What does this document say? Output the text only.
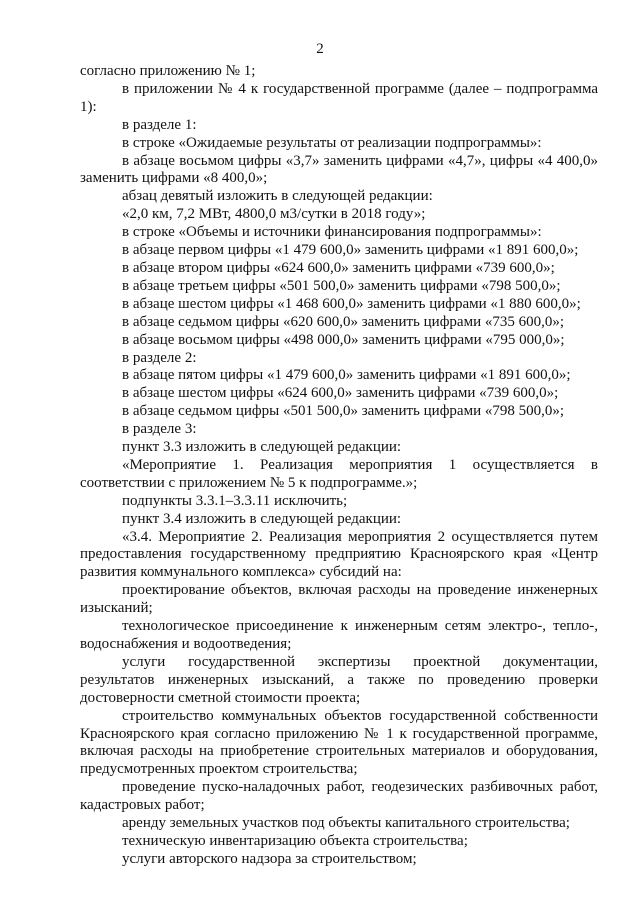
2

согласно приложению № 1;

в приложении № 4 к государственной программе (далее – подпрограмма 1):

в разделе 1:

в строке «Ожидаемые результаты от реализации подпрограммы»:

в абзаце восьмом цифры «3,7» заменить цифрами «4,7», цифры «4 400,0» заменить цифрами «8 400,0»;

абзац девятый изложить в следующей редакции:

«2,0 км, 7,2 МВт, 4800,0 м3/сутки в 2018 году»;

в строке «Объемы и источники финансирования подпрограммы»:

в абзаце первом цифры «1 479 600,0» заменить цифрами «1 891 600,0»;

в абзаце втором цифры «624 600,0» заменить цифрами «739 600,0»;

в абзаце третьем цифры «501 500,0» заменить цифрами «798 500,0»;

в абзаце шестом цифры «1 468 600,0» заменить цифрами «1 880 600,0»;

в абзаце седьмом цифры «620 600,0» заменить цифрами «735 600,0»;

в абзаце восьмом цифры «498 000,0» заменить цифрами «795 000,0»;

в разделе 2:

в абзаце пятом цифры «1 479 600,0» заменить цифрами «1 891 600,0»;

в абзаце шестом цифры «624 600,0» заменить цифрами «739 600,0»;

в абзаце седьмом цифры «501 500,0» заменить цифрами «798 500,0»;

в разделе 3:

пункт 3.3 изложить в следующей редакции:

«Мероприятие 1. Реализация мероприятия 1 осуществляется в соответствии с приложением № 5 к подпрограмме.»;

подпункты 3.3.1–3.3.11 исключить;

пункт 3.4 изложить в следующей редакции:

«3.4. Мероприятие 2. Реализация мероприятия 2 осуществляется путем предоставления государственному предприятию Красноярского края «Центр развития коммунального комплекса» субсидий на:

проектирование объектов, включая расходы на проведение инженерных изысканий;

технологическое присоединение к инженерным сетям электро-, тепло-, водоснабжения и водоотведения;

услуги государственной экспертизы проектной документации, результатов инженерных изысканий, а также по проведению проверки достоверности сметной стоимости проекта;

строительство коммунальных объектов государственной собственности Красноярского края согласно приложению № 1 к государственной программе, включая расходы на приобретение строительных материалов и оборудования, предусмотренных проектом строительства;

проведение пуско-наладочных работ, геодезических разбивочных работ, кадастровых работ;

аренду земельных участков под объекты капитального строительства;

техническую инвентаризацию объекта строительства;

услуги авторского надзора за строительством;
